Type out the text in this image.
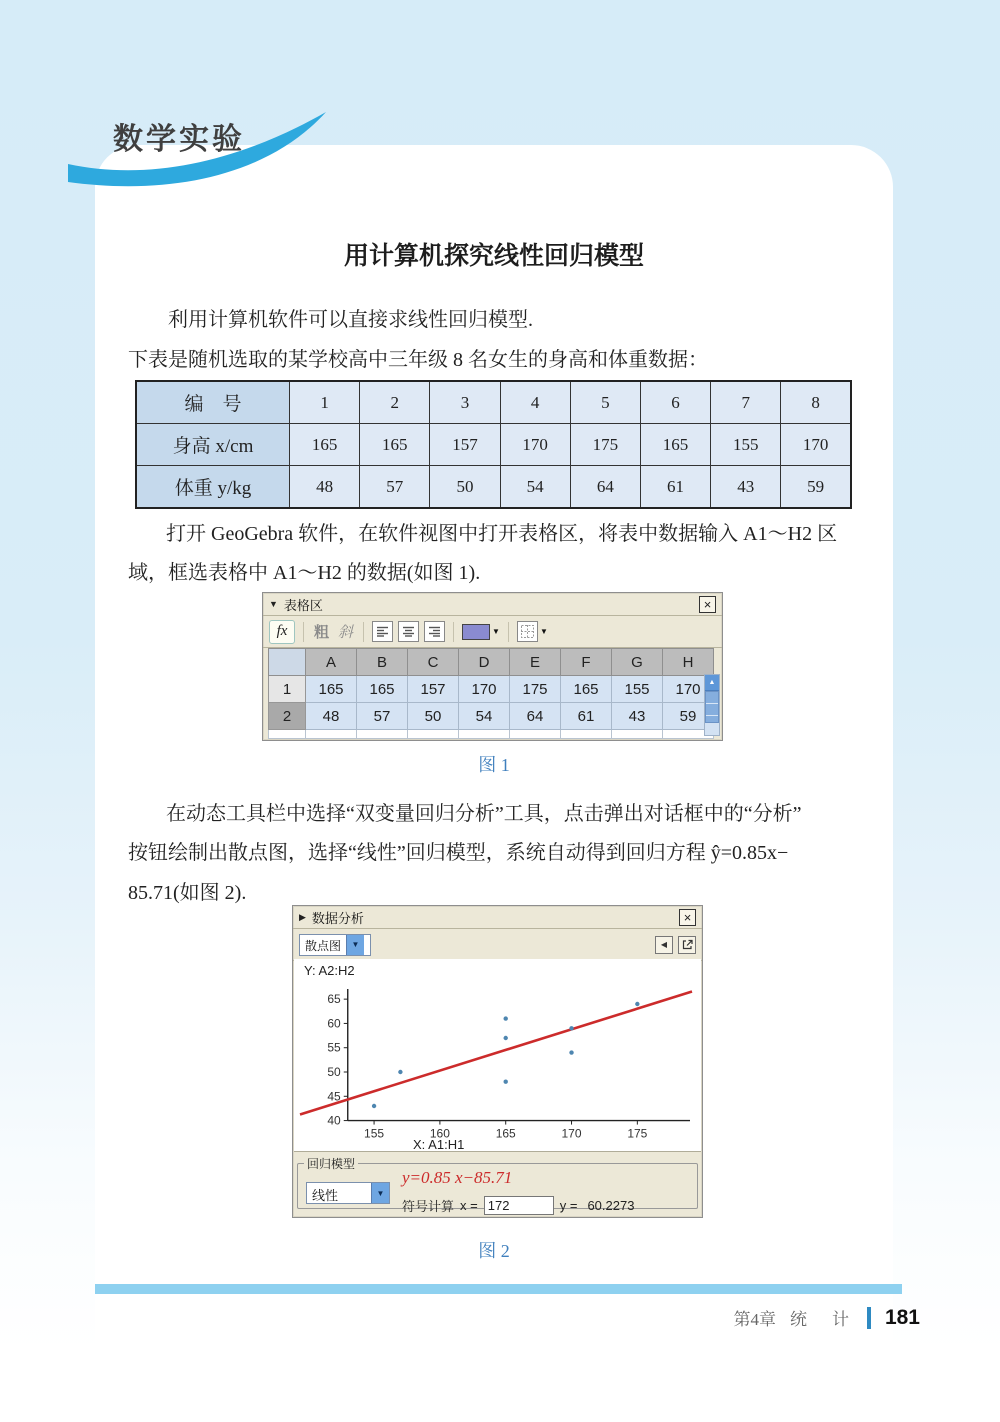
数学实验
用计算机探究线性回归模型
利用计算机软件可以直接求线性回归模型.
下表是随机选取的某学校高中三年级 8 名女生的身高和体重数据：
编　号	1	2	3	4	5	6	7	8
身高 x/cm	165	165	157	170	175	165	155	170
体重 y/kg	48	57	50	54	64	61	43	59
打开 GeoGebra 软件，在软件视图中打开表格区，将表中数据输入 A1～H2 区
域，框选表格中 A1～H2 的数据(如图 1).
▼ 表格区	×
fx	粗 斜	▼	▼
	A	B	C	D	E	F	G	H
1	165	165	157	170	175	165	155	170
2	48	57	50	54	64	61	43	59

▲
图 1
在动态工具栏中选择“双变量回归分析”工具，点击弹出对话框中的“分析”
按钮绘制出散点图，选择“线性”回归模型，系统自动得到回归方程 ŷ=0.85x−
85.71(如图 2).
▶ 数据分析	×
散点图	▼	◀
Y: A2:H2
155	160	165	170	175
40
45
50
55
60
65
X: A1:H1
回归模型
线性	▼
y=0.85 x−85.71
符号计算 x = 172	y = 60.2273
图 2
第4章 统　计 181
